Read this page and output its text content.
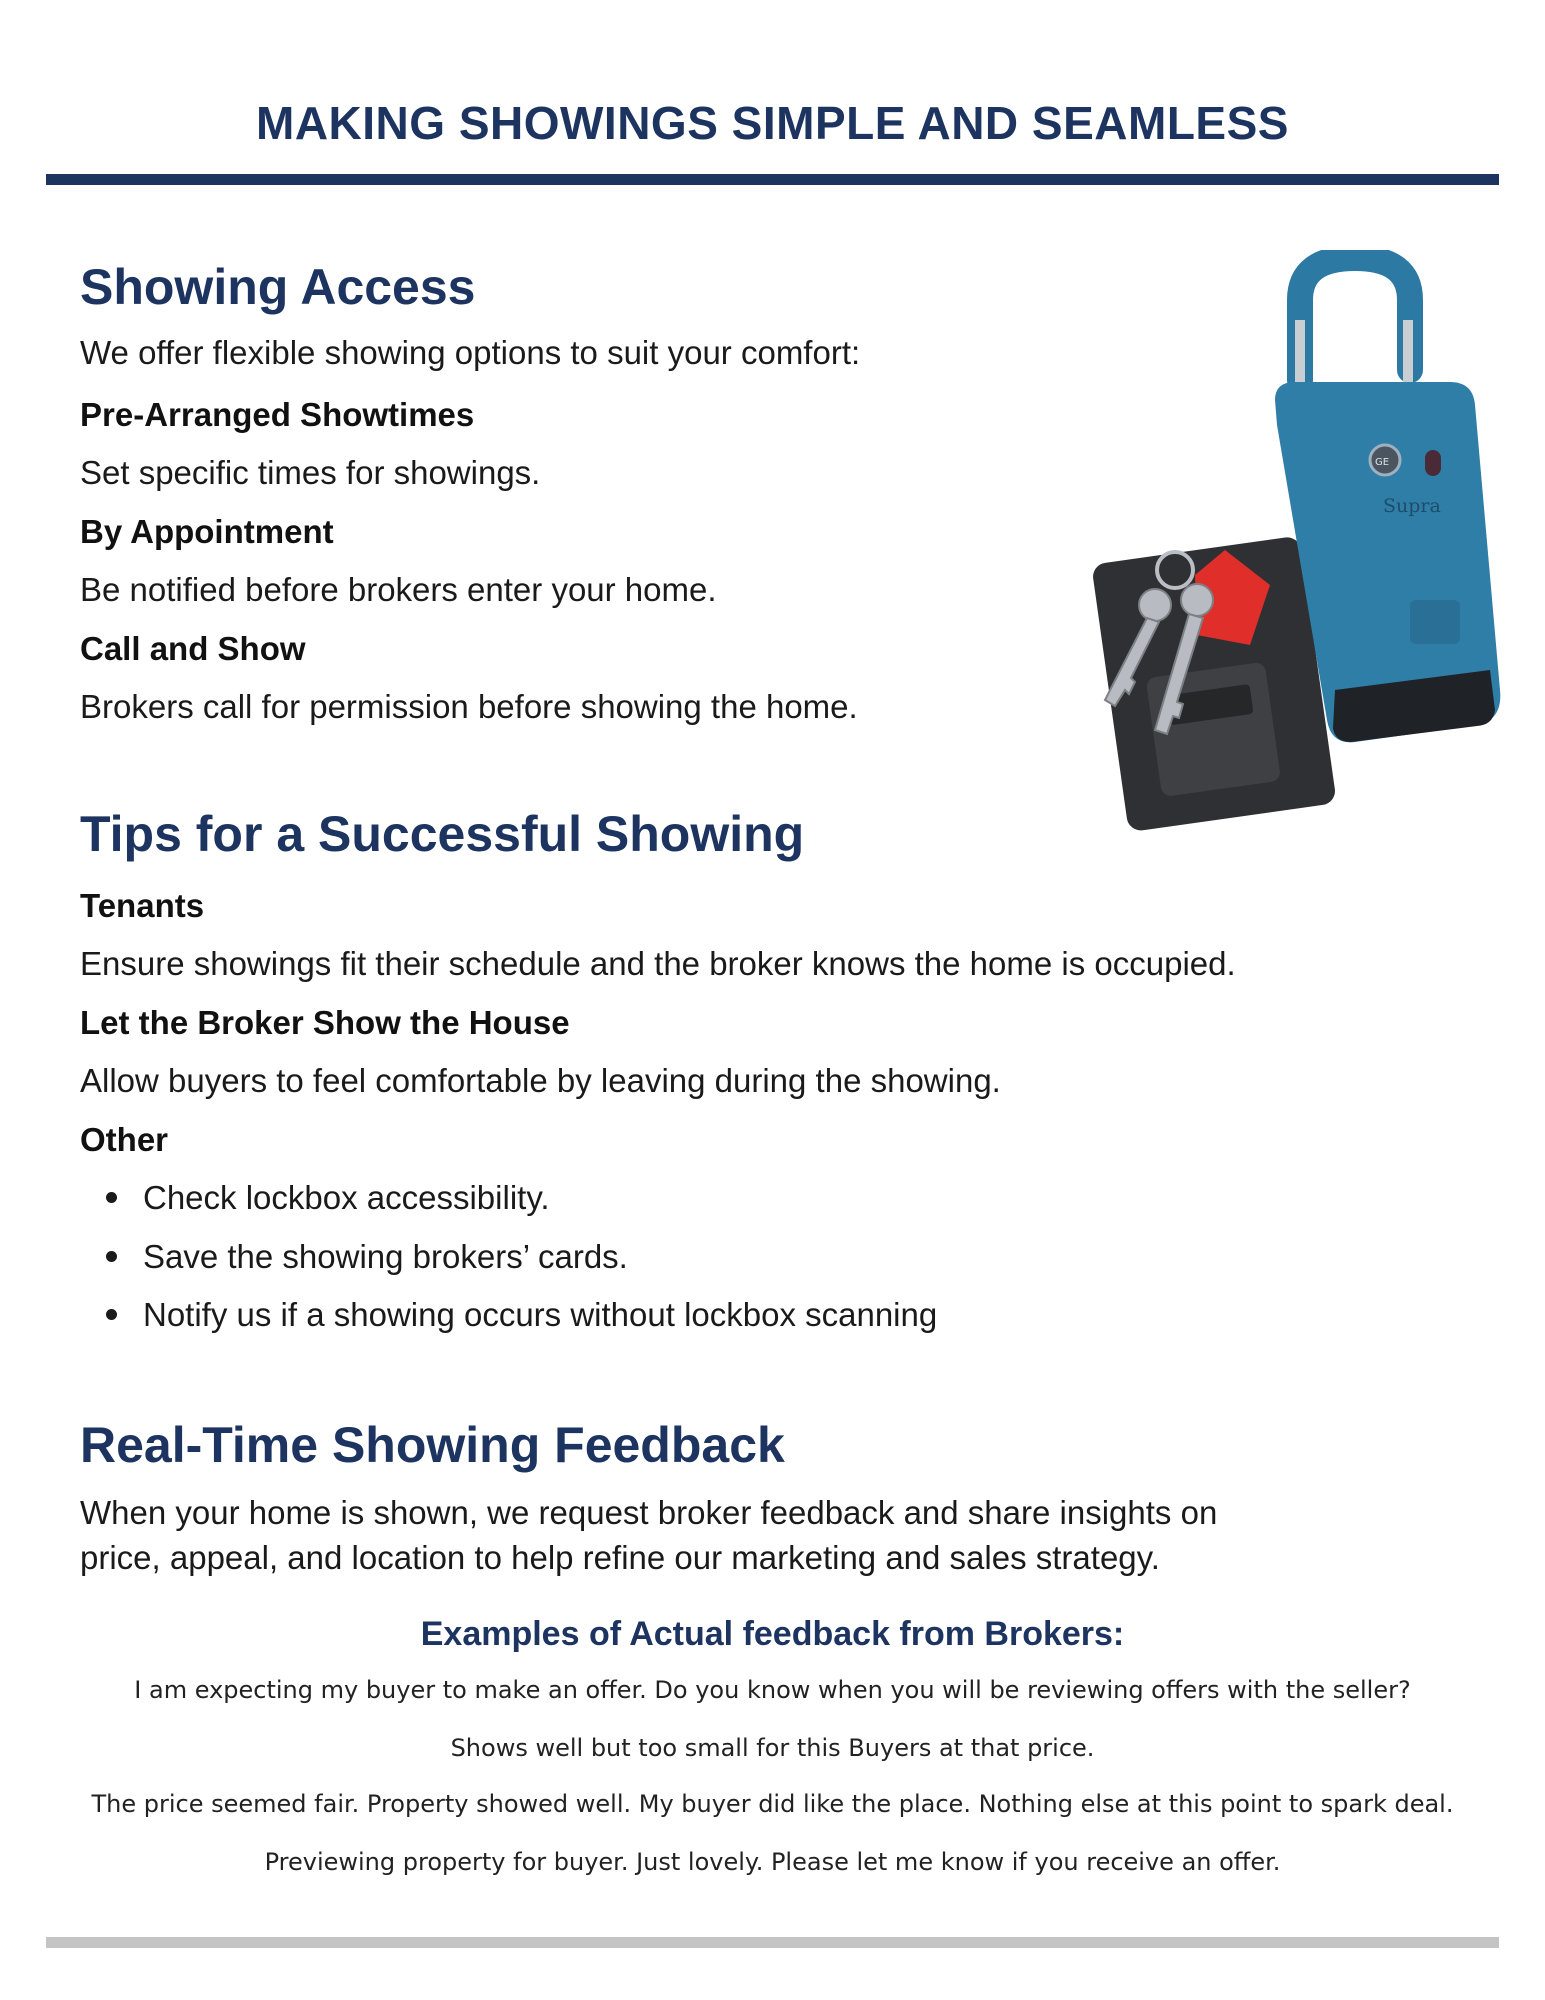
MAKING SHOWINGS SIMPLE AND SEAMLESS
Showing Access
We offer flexible showing options to suit your comfort:
Pre-Arranged Showtimes
Set specific times for showings.
By Appointment
Be notified before brokers enter your home.
Call and Show
Brokers call for permission before showing the home.
Supra
GE
Tips for a Successful Showing
Tenants
Ensure showings fit their schedule and the broker knows the home is occupied.
Let the Broker Show the House
Allow buyers to feel comfortable by leaving during the showing.
Other
Check lockbox accessibility.
Save the showing brokers’ cards.
Notify us if a showing occurs without lockbox scanning
Real-Time Showing Feedback
When your home is shown, we request broker feedback and share insights on
price, appeal, and location to help refine our marketing and sales strategy.
Examples of Actual feedback from Brokers:
I am expecting my buyer to make an offer. Do you know when you will be reviewing offers with the seller?
Shows well but too small for this Buyers at that price.
The price seemed fair. Property showed well. My buyer did like the place. Nothing else at this point to spark deal.
Previewing property for buyer. Just lovely. Please let me know if you receive an offer.
